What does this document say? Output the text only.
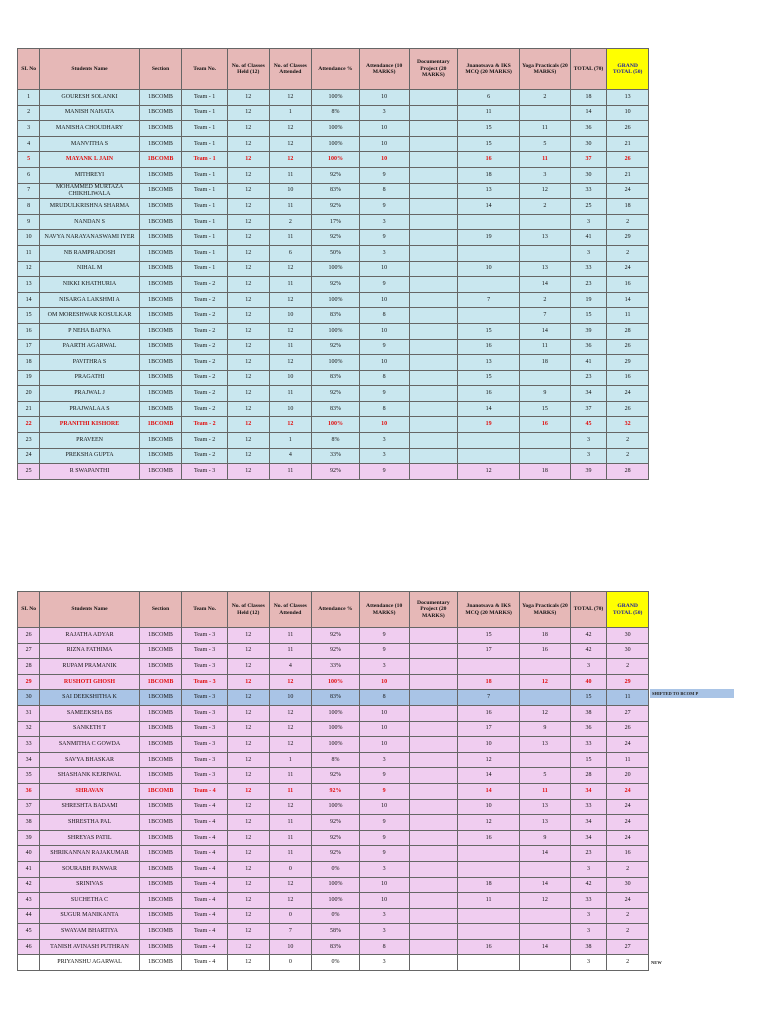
SL No	Students Name	Section	Team No.	No. of Classes Held (12)	No. of Classes Attended	Attendance %	Attendance (10 MARKS)	Documentary Project (20 MARKS)	Jnanotsava & IKS MCQ (20 MARKS)	Yoga Practicals (20 MARKS)	TOTAL (70)	GRAND TOTAL (50)
1	GOURESH SOLANKI	1BCOMB	Team - 1	12	12	100%	10		6	2	18	13
2	MANISH NAHATA	1BCOMB	Team - 1	12	1	8%	3		11		14	10
3	MANISHA CHOUDHARY	1BCOMB	Team - 1	12	12	100%	10		15	11	36	26
4	MANVITHA S	1BCOMB	Team - 1	12	12	100%	10		15	5	30	21
5	MAYANK L JAIN	1BCOMB	Team - 1	12	12	100%	10		16	11	37	26
6	MITHREYI	1BCOMB	Team - 1	12	11	92%	9		18	3	30	21
7	MOHAMMED MURTAZA CHIKHLIWALA	1BCOMB	Team - 1	12	10	83%	8		13	12	33	24
8	MRUDULKRISHNA SHARMA	1BCOMB	Team - 1	12	11	92%	9		14	2	25	18
9	NANDAN S	1BCOMB	Team - 1	12	2	17%	3				3	2
10	NAVYA NARAYANASWAMI IYER	1BCOMB	Team - 1	12	11	92%	9		19	13	41	29
11	NB RAMPRADOSH	1BCOMB	Team - 1	12	6	50%	3				3	2
12	NIHAL M	1BCOMB	Team - 1	12	12	100%	10		10	13	33	24
13	NIKKI KHATHURIA	1BCOMB	Team - 2	12	11	92%	9			14	23	16
14	NISARGA LAKSHMI A	1BCOMB	Team - 2	12	12	100%	10		7	2	19	14
15	OM MORESHWAR KOSULKAR	1BCOMB	Team - 2	12	10	83%	8			7	15	11
16	P NEHA BAFNA	1BCOMB	Team - 2	12	12	100%	10		15	14	39	28
17	PAARTH AGARWAL	1BCOMB	Team - 2	12	11	92%	9		16	11	36	26
18	PAVITHRA S	1BCOMB	Team - 2	12	12	100%	10		13	18	41	29
19	PRAGATHI	1BCOMB	Team - 2	12	10	83%	8		15		23	16
20	PRAJWAL J	1BCOMB	Team - 2	12	11	92%	9		16	9	34	24
21	PRAJWALAA S	1BCOMB	Team - 2	12	10	83%	8		14	15	37	26
22	PRANITHI KISHORE	1BCOMB	Team - 2	12	12	100%	10		19	16	45	32
23	PRAVEEN	1BCOMB	Team - 2	12	1	8%	3				3	2
24	PREKSHA GUPTA	1BCOMB	Team - 2	12	4	33%	3				3	2
25	R SWAPANTHI	1BCOMB	Team - 3	12	11	92%	9		12	18	39	28
SL No	Students Name	Section	Team No.	No. of Classes Held (12)	No. of Classes Attended	Attendance %	Attendance (10 MARKS)	Documentary Project (20 MARKS)	Jnanotsava & IKS MCQ (20 MARKS)	Yoga Practicals (20 MARKS)	TOTAL (70)	GRAND TOTAL (50)
26	RAJATHA ADYAR	1BCOMB	Team - 3	12	11	92%	9		15	18	42	30
27	RIZNA FATHIMA	1BCOMB	Team - 3	12	11	92%	9		17	16	42	30
28	RUPAM PRAMANIK	1BCOMB	Team - 3	12	4	33%	3				3	2
29	RUSHOTI GHOSH	1BCOMB	Team - 3	12	12	100%	10		18	12	40	29
30	SAI DEEKSHITHA K	1BCOMB	Team - 3	12	10	83%	8		7		15	11
31	SAMEEKSHA BS	1BCOMB	Team - 3	12	12	100%	10		16	12	38	27
32	SANKETH T	1BCOMB	Team - 3	12	12	100%	10		17	9	36	26
33	SANMITHA C GOWDA	1BCOMB	Team - 3	12	12	100%	10		10	13	33	24
34	SAVYA BHASKAR	1BCOMB	Team - 3	12	1	8%	3		12		15	11
35	SHASHANK KEJRIWAL	1BCOMB	Team - 3	12	11	92%	9		14	5	28	20
36	SHRAVAN	1BCOMB	Team - 4	12	11	92%	9		14	11	34	24
37	SHRESHTA BADAMI	1BCOMB	Team - 4	12	12	100%	10		10	13	33	24
38	SHRESTHA PAL	1BCOMB	Team - 4	12	11	92%	9		12	13	34	24
39	SHREYAS PATIL	1BCOMB	Team - 4	12	11	92%	9		16	9	34	24
40	SHRIKANNAN RAJAKUMAR	1BCOMB	Team - 4	12	11	92%	9			14	23	16
41	SOURABH PANWAR	1BCOMB	Team - 4	12	0	0%	3				3	2
42	SRINIVAS	1BCOMB	Team - 4	12	12	100%	10		18	14	42	30
43	SUCHETHA C	1BCOMB	Team - 4	12	12	100%	10		11	12	33	24
44	SUGUR MANIKANTA	1BCOMB	Team - 4	12	0	0%	3				3	2
45	SWAYAM BHARTIYA	1BCOMB	Team - 4	12	7	58%	3				3	2
46	TANISH AVINASH PUTHRAN	1BCOMB	Team - 4	12	10	83%	8		16	14	38	27
	PRIYANSHU AGARWAL	1BCOMB	Team - 4	12	0	0%	3				3	2
SHIFTED TO BCOM P
NEW
